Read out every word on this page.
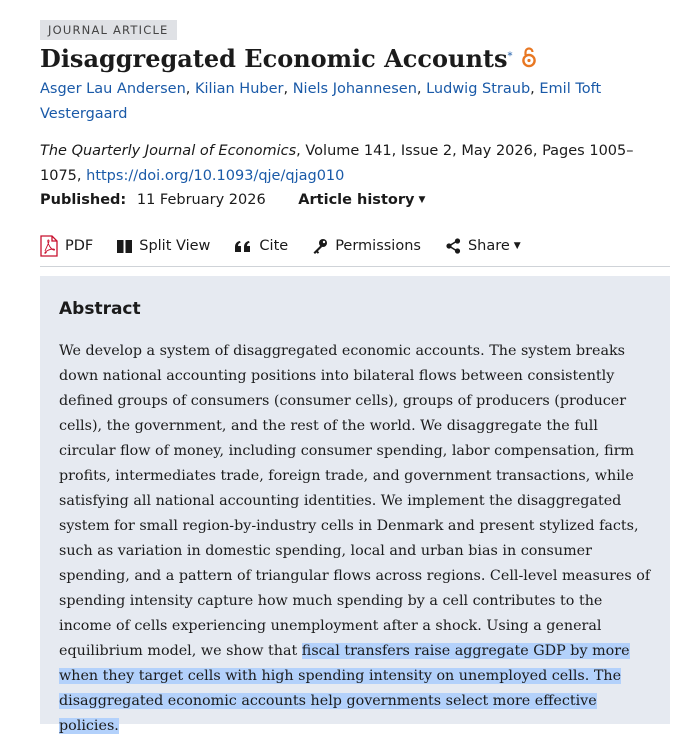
JOURNAL ARTICLE
Disaggregated Economic Accounts*
Asger Lau Andersen, Kilian Huber, Niels Johannesen, Ludwig Straub, Emil Toft Vestergaard
The Quarterly Journal of Economics, Volume 141, Issue 2, May 2026, Pages 1005–1075, https://doi.org/10.1093/qje/qjag010
Published: 11 February 2026 Article history ▼
PDF	Split View	Cite	Permissions	Share ▼
Abstract

We develop a system of disaggregated economic accounts. The system breaks down national accounting positions into bilateral flows between consistently defined groups of consumers (consumer cells), groups of producers (producer cells), the government, and the rest of the world. We disaggregate the full circular flow of money, including consumer spending, labor compensation, firm profits, intermediates trade, foreign trade, and government transactions, while satisfying all national accounting identities. We implement the disaggregated system for small region-by-industry cells in Denmark and present stylized facts, such as variation in domestic spending, local and urban bias in consumer spending, and a pattern of triangular flows across regions. Cell-level measures of spending intensity capture how much spending by a cell contributes to the income of cells experiencing unemployment after a shock. Using a general equilibrium model, we show that fiscal transfers raise aggregate GDP by more when they target cells with high spending intensity on unemployed cells. The disaggregated economic accounts help governments select more effective policies.
